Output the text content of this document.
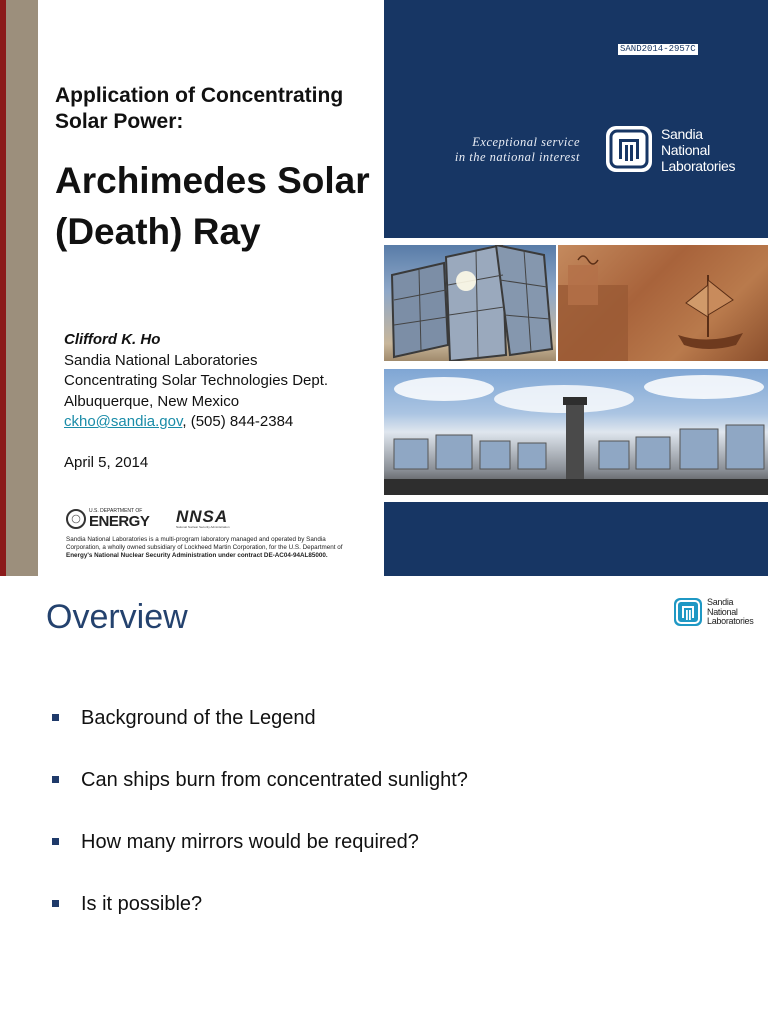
Application of Concentrating
Solar Power:
Archimedes Solar
(Death) Ray
Clifford K. Ho
Sandia National Laboratories
Concentrating Solar Technologies Dept.
Albuquerque, New Mexico
ckho@sandia.gov, (505) 844-2384
April 5, 2014
U.S. DEPARTMENT OF
ENERGY NNSA
National Nuclear Security Administration
Sandia National Laboratories is a multi-program laboratory managed and operated by Sandia
Corporation, a wholly owned subsidiary of Lockheed Martin Corporation, for the U.S. Department of
Energy's National Nuclear Security Administration under contract DE-AC04-94AL85000.
SAND2014-2957C
Exceptional service
in the national interest
Sandia
National
Laboratories
Overview	Sandia
National
Laboratories
Background of the Legend
Can ships burn from concentrated sunlight?
How many mirrors would be required?
Is it possible?
